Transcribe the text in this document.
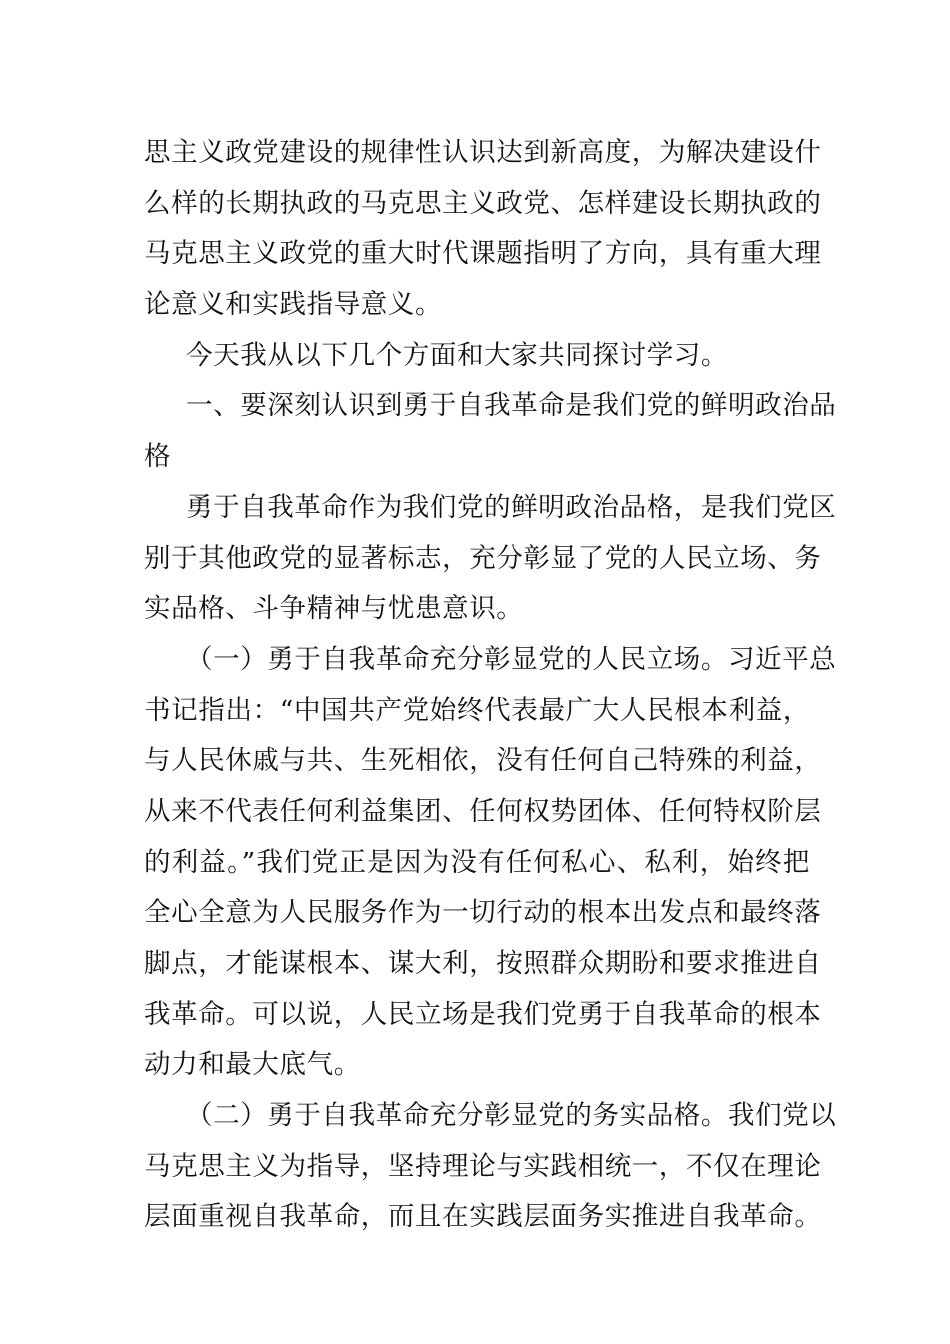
思主义政党建设的规律性认识达到新高度，为解决建设什
么样的长期执政的马克思主义政党、怎样建设长期执政的
马克思主义政党的重大时代课题指明了方向，具有重大理
论意义和实践指导意义。
今天我从以下几个方面和大家共同探讨学习。
一、要深刻认识到勇于自我革命是我们党的鲜明政治品
格
勇于自我革命作为我们党的鲜明政治品格，是我们党区
别于其他政党的显著标志，充分彰显了党的人民立场、务
实品格、斗争精神与忧患意识。
（一）勇于自我革命充分彰显党的人民立场。习近平总
书记指出：“中国共产党始终代表最广大人民根本利益，
与人民休戚与共、生死相依，没有任何自己特殊的利益，
从来不代表任何利益集团、任何权势团体、任何特权阶层
的利益。”我们党正是因为没有任何私心、私利，始终把
全心全意为人民服务作为一切行动的根本出发点和最终落
脚点，才能谋根本、谋大利，按照群众期盼和要求推进自
我革命。可以说，人民立场是我们党勇于自我革命的根本
动力和最大底气。
（二）勇于自我革命充分彰显党的务实品格。我们党以
马克思主义为指导，坚持理论与实践相统一，不仅在理论
层面重视自我革命，而且在实践层面务实推进自我革命。
